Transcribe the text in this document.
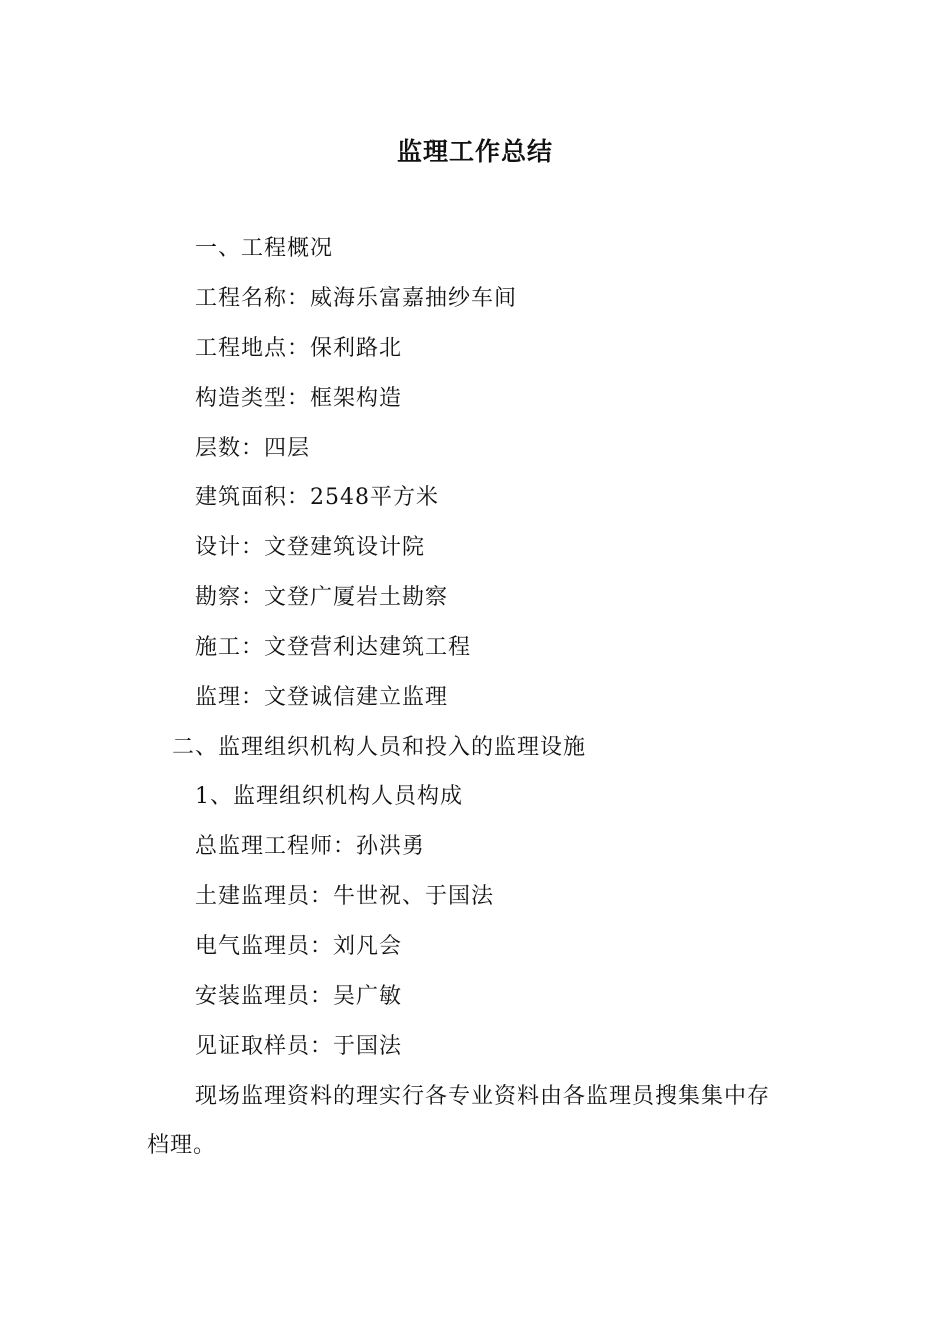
监理工作总结
一、工程概况
工程名称：威海乐富嘉抽纱车间
工程地点：保利路北
构造类型：框架构造
层数：四层
建筑面积：2548平方米
设计：文登建筑设计院
勘察：文登广厦岩土勘察
施工：文登营利达建筑工程
监理：文登诚信建立监理
二、监理组织机构人员和投入的监理设施
1、监理组织机构人员构成
总监理工程师：孙洪勇
土建监理员：牛世祝、于国法
电气监理员：刘凡会
安装监理员：吴广敏
见证取样员：于国法
现场监理资料的理实行各专业资料由各监理员搜集集中存
档理。
